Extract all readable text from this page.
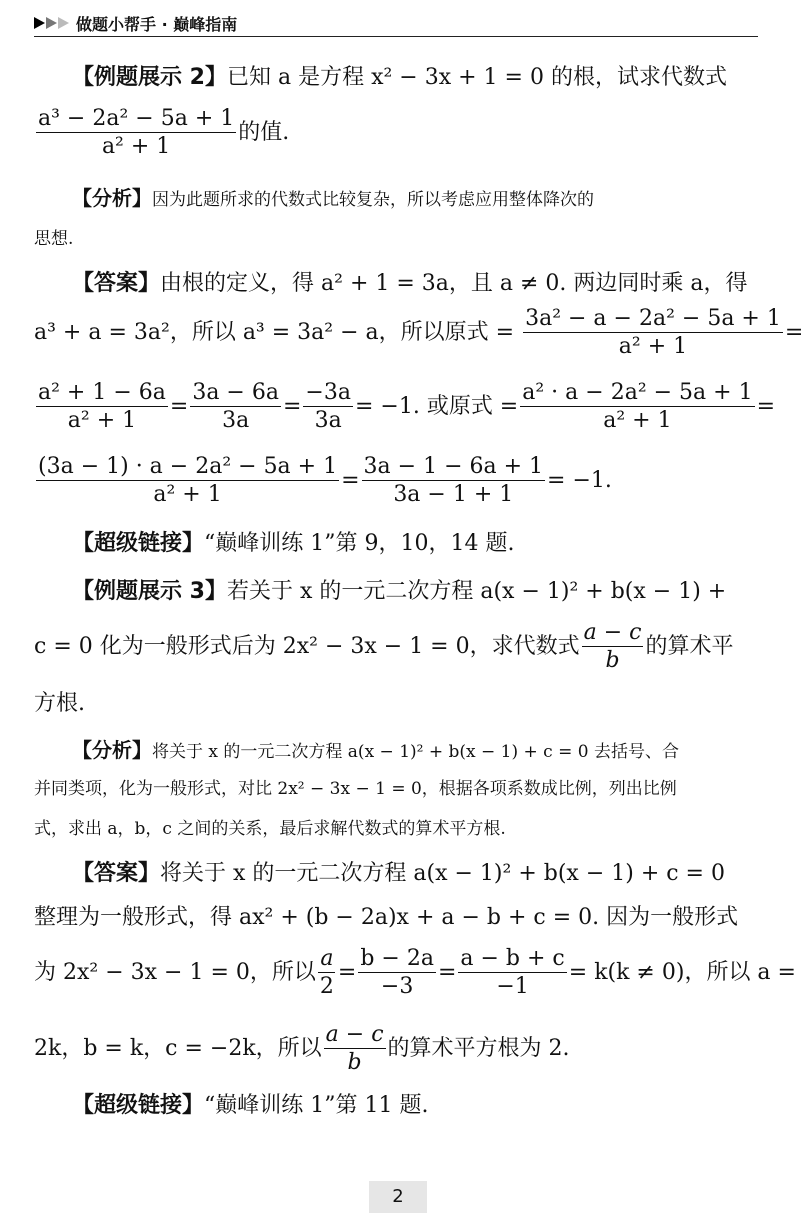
做题小帮手 · 巅峰指南
【例题展示 2】已知 a 是方程 x² − 3x + 1 = 0 的根，试求代数式
$\frac{\text{a³ − 2a² − 5a + 1}}{\text{a² + 1}}$ 的值.
【分析】因为此题所求的代数式比较复杂，所以考虑应用整体降次的
思想.
【答案】由根的定义，得 a² + 1 = 3a，且 a ≠ 0. 两边同时乘 a，得
a³ + a = 3a²，所以 a³ = 3a² − a，所以原式 = $\frac{\text{3a² − a − 2a² − 5a + 1}}{\text{a² + 1}}$ =
$\frac{\text{a² + 1 − 6a}}{\text{a² + 1}} = \frac{3a - 6a}{3a} = \frac{-3a}{3a} = -1$. 或原式 = $\frac{\text{a² · a − 2a² − 5a + 1}}{\text{a² + 1}}$ =
$\frac{\text{(3a − 1) · a − 2a² − 5a + 1}}{\text{a² + 1}} = \frac{3a - 1 - 6a + 1}{3a - 1 + 1} = -1$.
【超级链接】“巅峰训练 1”第 9，10，14 题.
【例题展示 3】若关于 x 的一元二次方程 a(x − 1)² + b(x − 1) +
c = 0 化为一般形式后为 2x² − 3x − 1 = 0，求代数式 $\frac{a - c}{b}$ 的算术平
方根.
【分析】将关于 x 的一元二次方程 a(x − 1)² + b(x − 1) + c = 0 去括号、合
并同类项，化为一般形式，对比 2x² − 3x − 1 = 0，根据各项系数成比例，列出比例
式，求出 a，b，c 之间的关系，最后求解代数式的算术平方根.
【答案】将关于 x 的一元二次方程 a(x − 1)² + b(x − 1) + c = 0
整理为一般形式，得 ax² + (b − 2a)x + a − b + c = 0. 因为一般形式
为 2x² − 3x − 1 = 0，所以 $\frac{a}{2} = \frac{b - 2a}{-3} = \frac{a - b + c}{-1} = k(k \ne 0)$，所以 a =
2k，b = k，c = −2k，所以 $\frac{a - c}{b}$ 的算术平方根为 2.
【超级链接】“巅峰训练 1”第 11 题.
2
